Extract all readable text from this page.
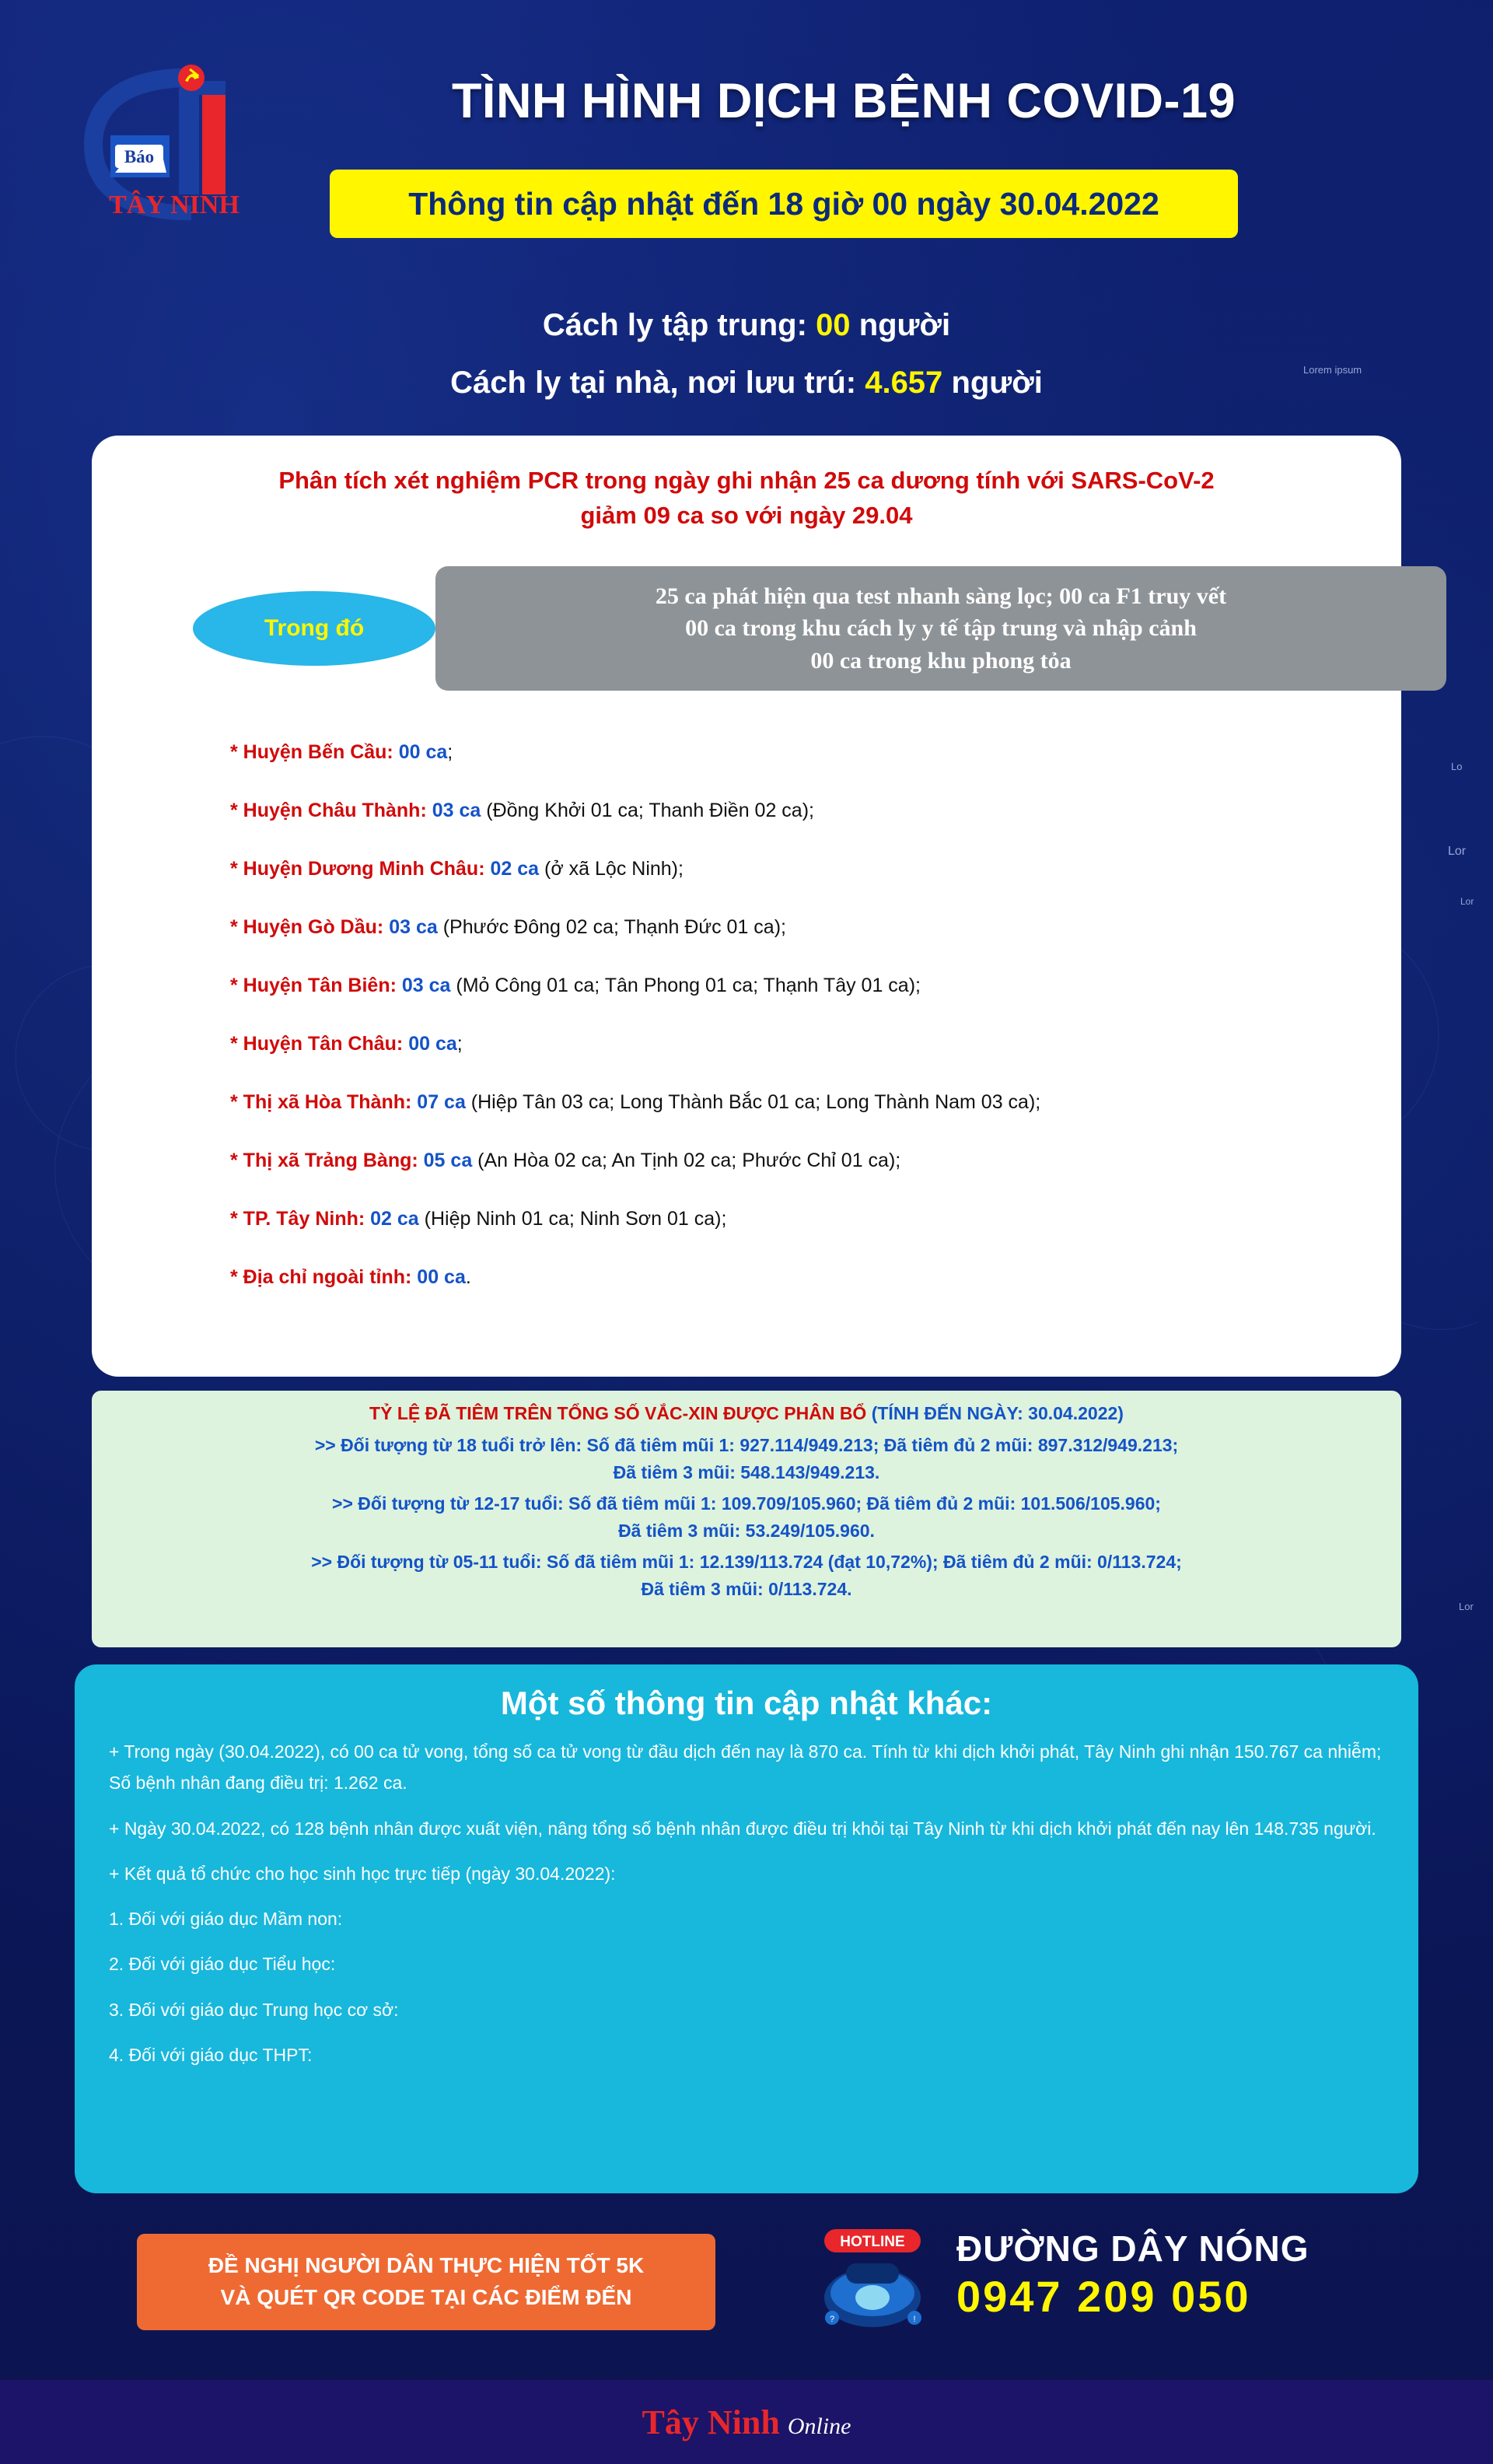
Lorem ipsum
Lo
Lor
Lor
Lor
Báo
TÂY NINH
TÌNH HÌNH DỊCH BỆNH COVID-19
Thông tin cập nhật đến 18 giờ 00 ngày 30.04.2022
Cách ly tập trung: 00 người
Cách ly tại nhà, nơi lưu trú: 4.657 người
Phân tích xét nghiệm PCR trong ngày ghi nhận 25 ca dương tính với SARS-CoV-2
giảm 09 ca so với ngày 29.04
Trong đó
25 ca phát hiện qua test nhanh sàng lọc; 00 ca F1 truy vết
00 ca trong khu cách ly y tế tập trung và nhập cảnh
00 ca trong khu phong tỏa
* Huyện Bến Cầu: 00 ca ;
* Huyện Châu Thành: 03 ca (Đồng Khởi 01 ca; Thanh Điền 02 ca);
* Huyện Dương Minh Châu: 02 ca (ở xã Lộc Ninh);
* Huyện Gò Dầu: 03 ca (Phước Đông 02 ca; Thạnh Đức 01 ca);
* Huyện Tân Biên: 03 ca (Mỏ Công 01 ca; Tân Phong 01 ca; Thạnh Tây 01 ca);
* Huyện Tân Châu: 00 ca ;
* Thị xã Hòa Thành: 07 ca (Hiệp Tân 03 ca; Long Thành Bắc 01 ca; Long Thành Nam 03 ca);
* Thị xã Trảng Bàng: 05 ca (An Hòa 02 ca; An Tịnh 02 ca; Phước Chỉ 01 ca);
* TP. Tây Ninh: 02 ca (Hiệp Ninh 01 ca; Ninh Sơn 01 ca);
* Địa chỉ ngoài tỉnh: 00 ca .
TỶ LỆ ĐÃ TIÊM TRÊN TỔNG SỐ VẮC-XIN ĐƯỢC PHÂN BỔ (TÍNH ĐẾN NGÀY: 30.04.2022)
>> Đối tượng từ 18 tuổi trở lên: Số đã tiêm mũi 1: 927.114/949.213; Đã tiêm đủ 2 mũi: 897.312/949.213;
Đã tiêm 3 mũi: 548.143/949.213.
>> Đối tượng từ 12-17 tuổi: Số đã tiêm mũi 1: 109.709/105.960; Đã tiêm đủ 2 mũi: 101.506/105.960;
Đã tiêm 3 mũi: 53.249/105.960.
>> Đối tượng từ 05-11 tuổi: Số đã tiêm mũi 1: 12.139/113.724 (đạt 10,72%); Đã tiêm đủ 2 mũi: 0/113.724;
Đã tiêm 3 mũi: 0/113.724.
Một số thông tin cập nhật khác:

+ Trong ngày (30.04.2022), có 00 ca tử vong, tổng số ca tử vong từ đầu dịch đến nay là 870 ca. Tính từ khi dịch khởi phát, Tây Ninh ghi nhận 150.767 ca nhiễm; Số bệnh nhân đang điều trị: 1.262 ca.

+ Ngày 30.04.2022, có 128 bệnh nhân được xuất viện, nâng tổng số bệnh nhân được điều trị khỏi tại Tây Ninh từ khi dịch khởi phát đến nay lên 148.735 người.

+ Kết quả tổ chức cho học sinh học trực tiếp (ngày 30.04.2022):

1. Đối với giáo dục Mầm non:

2. Đối với giáo dục Tiểu học:

3. Đối với giáo dục Trung học cơ sở:

4. Đối với giáo dục THPT:

ĐỀ NGHỊ NGƯỜI DÂN THỰC HIỆN TỐT 5K
VÀ QUÉT QR CODE TẠI CÁC ĐIỂM ĐẾN
HOTLINE
?	!
ĐƯỜNG DÂY NÓNG
0947 209 050
Tây Ninh Online
